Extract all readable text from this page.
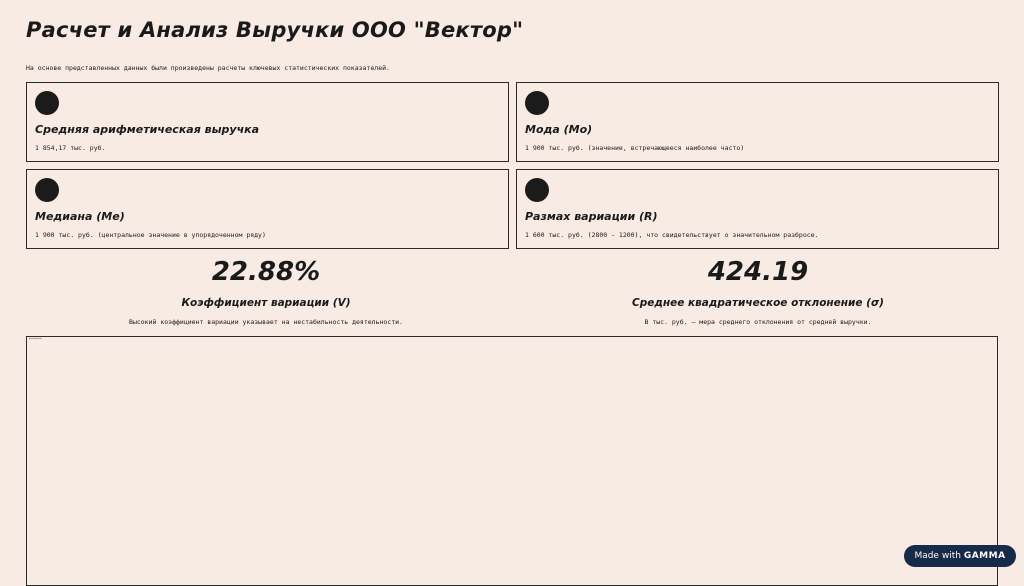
Расчет и Анализ Выручки ООО "Вектор"
На основе представленных данных были произведены расчеты ключевых статистических показателей.
Средняя арифметическая выручка
1 854,17 тыс. руб.
Мода (Mo)
1 900 тыс. руб. (значение, встречающееся наиболее часто)
Медиана (Me)
1 900 тыс. руб. (центральное значение в упорядоченном ряду)
Размах вариации (R)
1 600 тыс. руб. (2800 - 1200), что свидетельствует о значительном разбросе.
22.88%
Коэффициент вариации (V)
Высокий коэффициент вариации указывает на нестабильность деятельности.
424.19
Среднее квадратическое отклонение (σ)
В тыс. руб. — мера среднего отклонения от средней выручки.
placeholder
Made with GAMMA
